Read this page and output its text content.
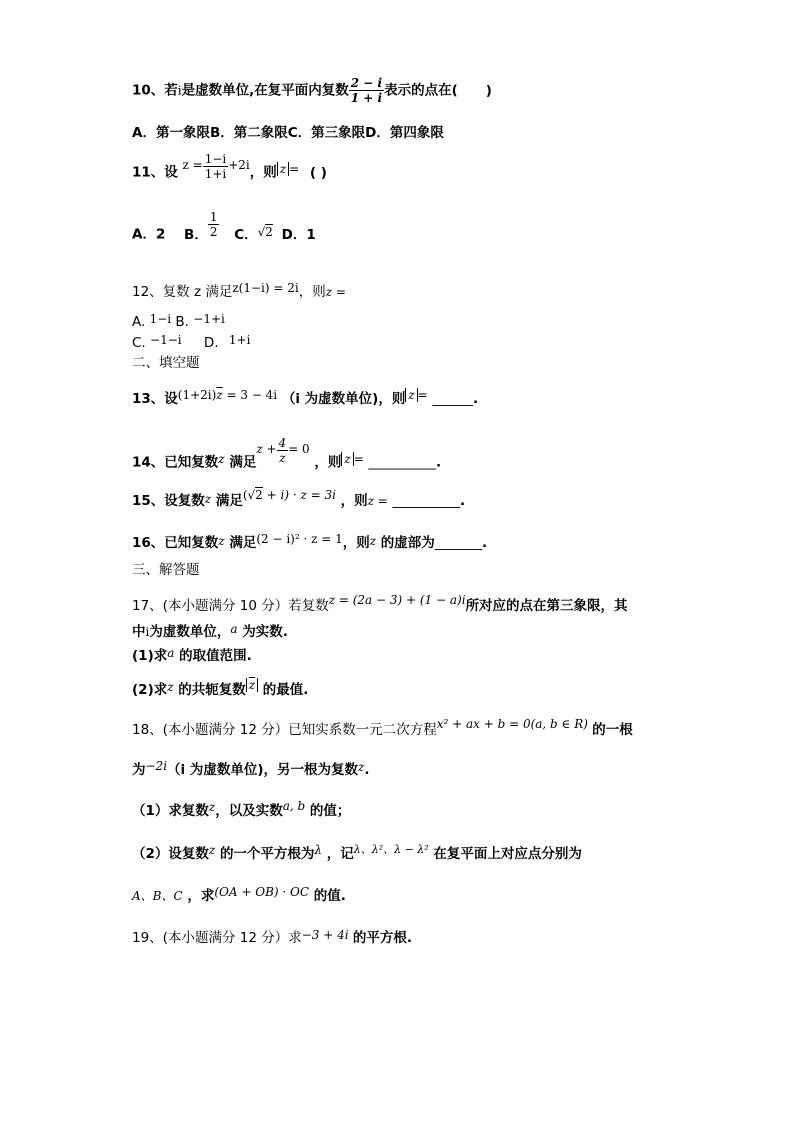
10、若i是虚数单位,在复平面内复数 $\frac{2 - i}{1 + i}$ 表示的点在( )
A．第一象限B．第二象限C．第三象限D．第四象限
11、设 $z = \frac{1-i}{1+i} +2i$，则 z = ( )
A．2 B． $\frac{1}{2}$ C．√2 D．1
12、复数 z 满足z(1−i) = 2i，则z =
A. 1−i B. −1+i
C. −1−i D. 1+i
二、填空题
13、设$(1+2i)\overline{z} = 3 - 4i$ （i 为虚数单位)，则 z = ______.
14、已知复数z 满足$z + \frac{4}{z} = 0$ ，则 z = __________.
15、设复数z 满足(√2 + i) · z = 3i ，则z = __________.
16、已知复数z 满足(2 − i)² · z = 1，则z 的虚部为_______.
三、解答题
17、(本小题满分 10 分）若复数z = (2a − 3) + (1 − a)i所对应的点在第三象限，其
中i为虚数单位，a 为实数.
(1)求a 的取值范围.
(2)求z 的共轭复数 $\overline{z}$ 的最值.
18、(本小题满分 12 分）已知实系数一元二次方程x² + ax + b = 0(a, b ∈ R) 的一根
为−2i（i 为虚数单位)，另一根为复数z.
（1）求复数z，以及实数a, b 的值；
（2）设复数z 的一个平方根为λ ，记$^{\lambda、\lambda^2、\lambda - \lambda^2}$ 在复平面上对应点分别为
A、B、C ，求(OA + OB) · OC 的值.
19、(本小题满分 12 分）求−3 + 4i 的平方根.
